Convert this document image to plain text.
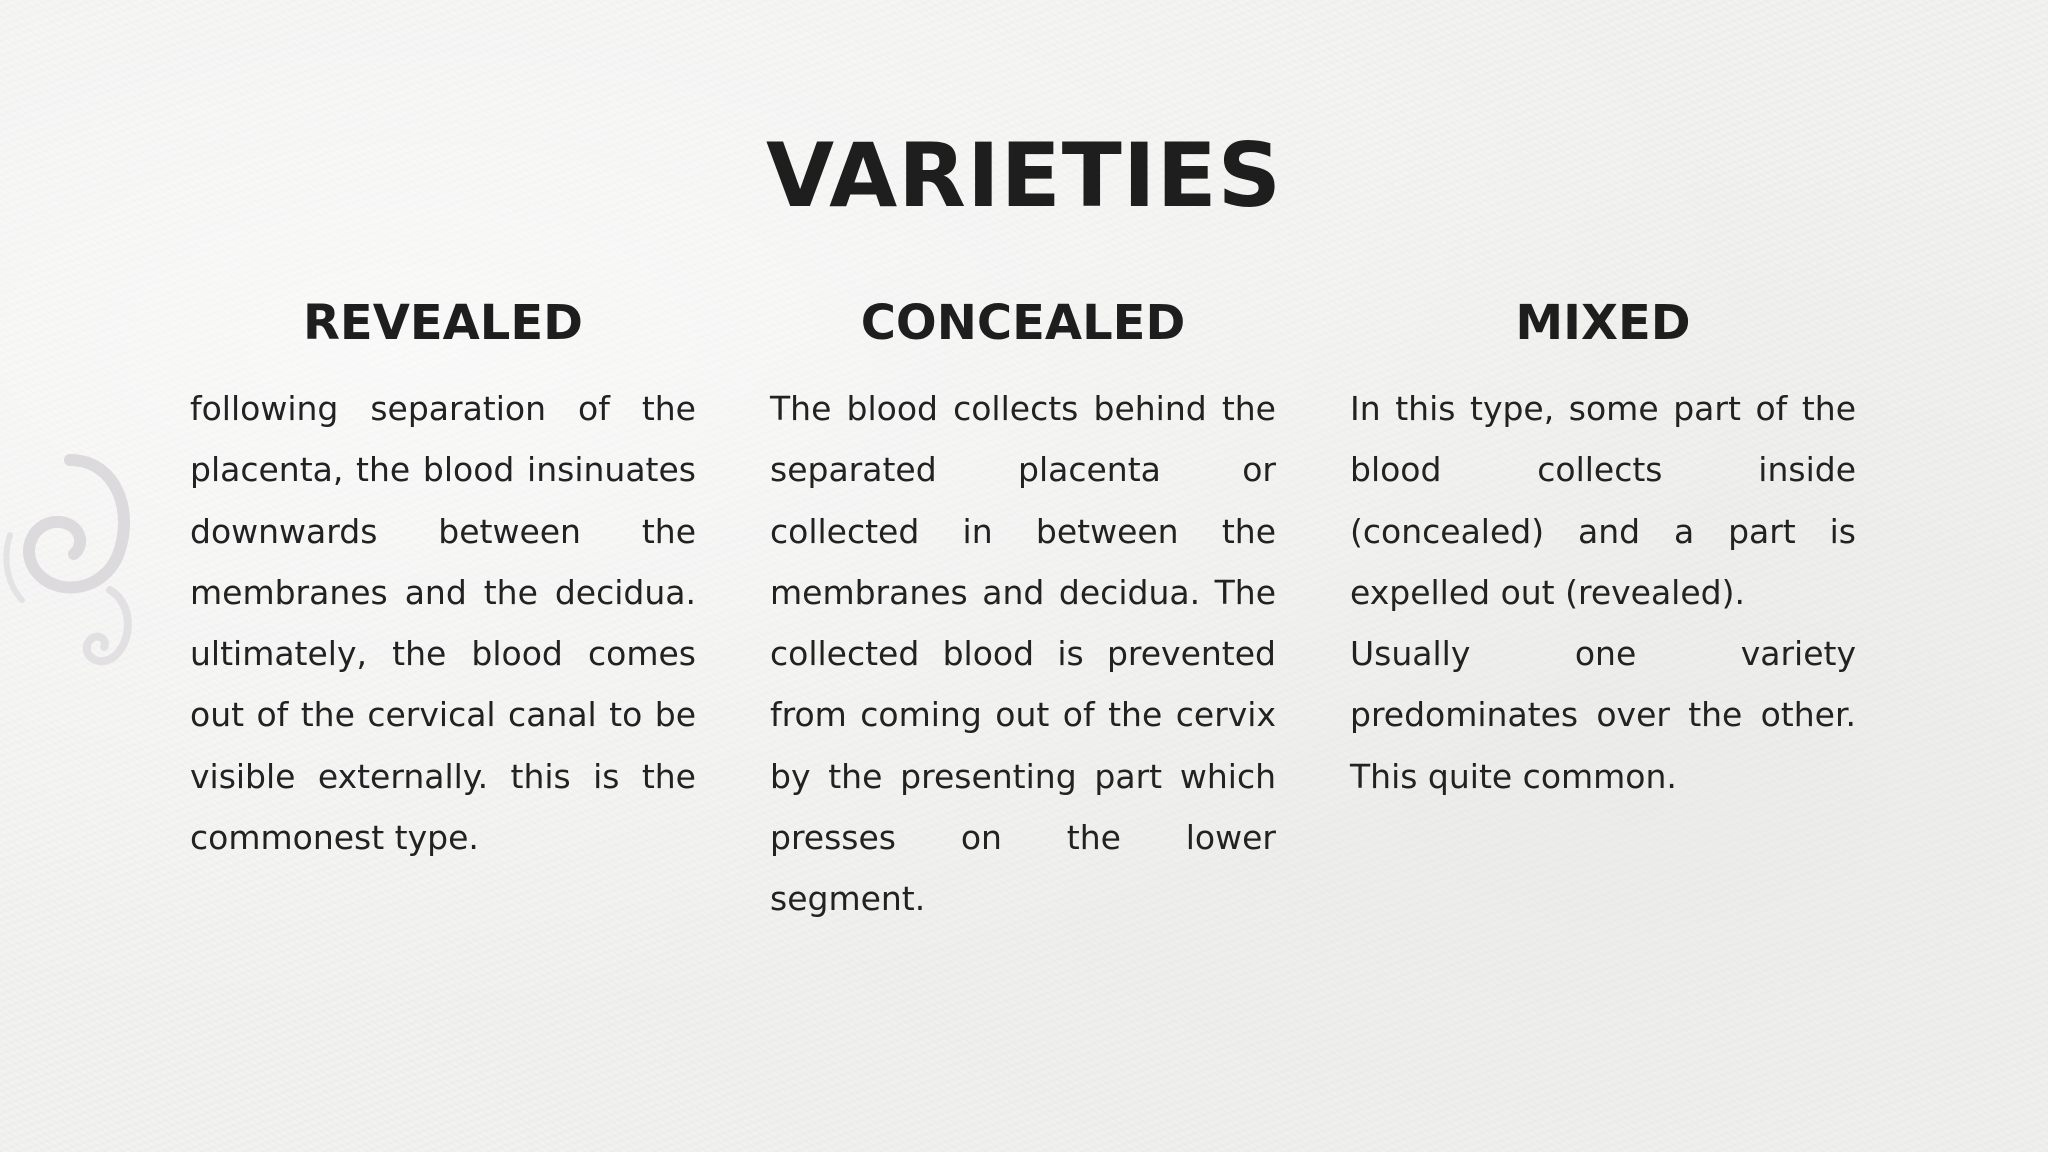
VARIETIES
REVEALED

following separation of the placenta, the blood insinuates downwards between the membranes and the decidua. ultimately, the blood comes out of the cervical canal to be visible externally. this is the commonest type.

CONCEALED

The blood collects behind the separated placenta or collected in between the membranes and decidua. The collected blood is prevented from coming out of the cervix by the presenting part which presses on the lower segment.

MIXED

In this type, some part of the blood collects inside (concealed) and a part is expelled out (revealed).

Usually one variety predominates over the other. This quite common.
